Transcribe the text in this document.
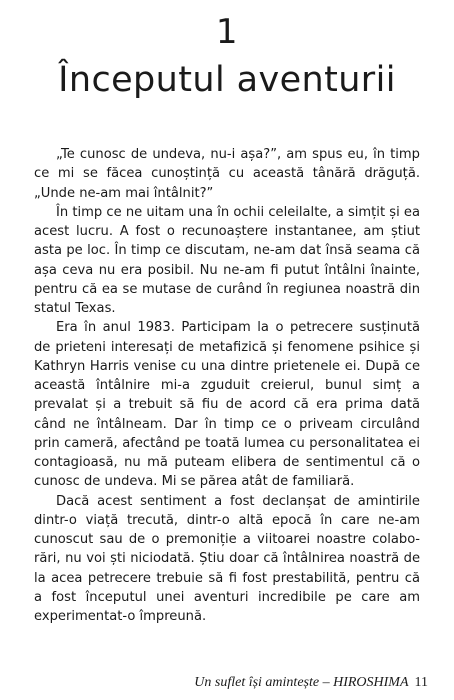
1
Începutul aventurii

„Te cunosc de undeva, nu-i așa?”, am spus eu, în timp ce mi se făcea cunoștință cu această tânără drăguță. „Unde ne-am mai întâlnit?”

În timp ce ne uitam una în ochii celeilalte, a simțit și ea acest lucru. A fost o recunoaștere instantanee, am știut asta pe loc. În timp ce discutam, ne-am dat însă seama că așa ceva nu era posibil. Nu ne-am fi putut întâlni înainte, pentru că ea se mutase de curând în regiunea noastră din statul Texas.

Era în anul 1983. Participam la o petrecere susținută de prieteni interesați de metafizică și fenomene psihice și Kathryn Harris venise cu una dintre prietenele ei. După ce această întâlnire mi-a zguduit creierul, bunul simț a prevalat și a trebuit să fiu de acord că era prima dată când ne întâlneam. Dar în timp ce o priveam circulând prin cameră, afectând pe toată lumea cu personalitatea ei contagioasă, nu mă puteam elibera de sentimentul că o cunosc de undeva. Mi se părea atât de familiară.

Dacă acest sentiment a fost declanșat de amintirile dintr-o viață trecută, dintr-o altă epocă în care ne-am cunoscut sau de o premoniție a viitoarei noastre colaborări, nu voi ști niciodată. Știu doar că întâlnirea noastră de la acea petrecere trebuie să fi fost prestabilită, pentru că a fost începutul unei aventuri incredibile pe care am experimentat-o împreună.

Un suflet își amintește – HIROSHIMA 11
